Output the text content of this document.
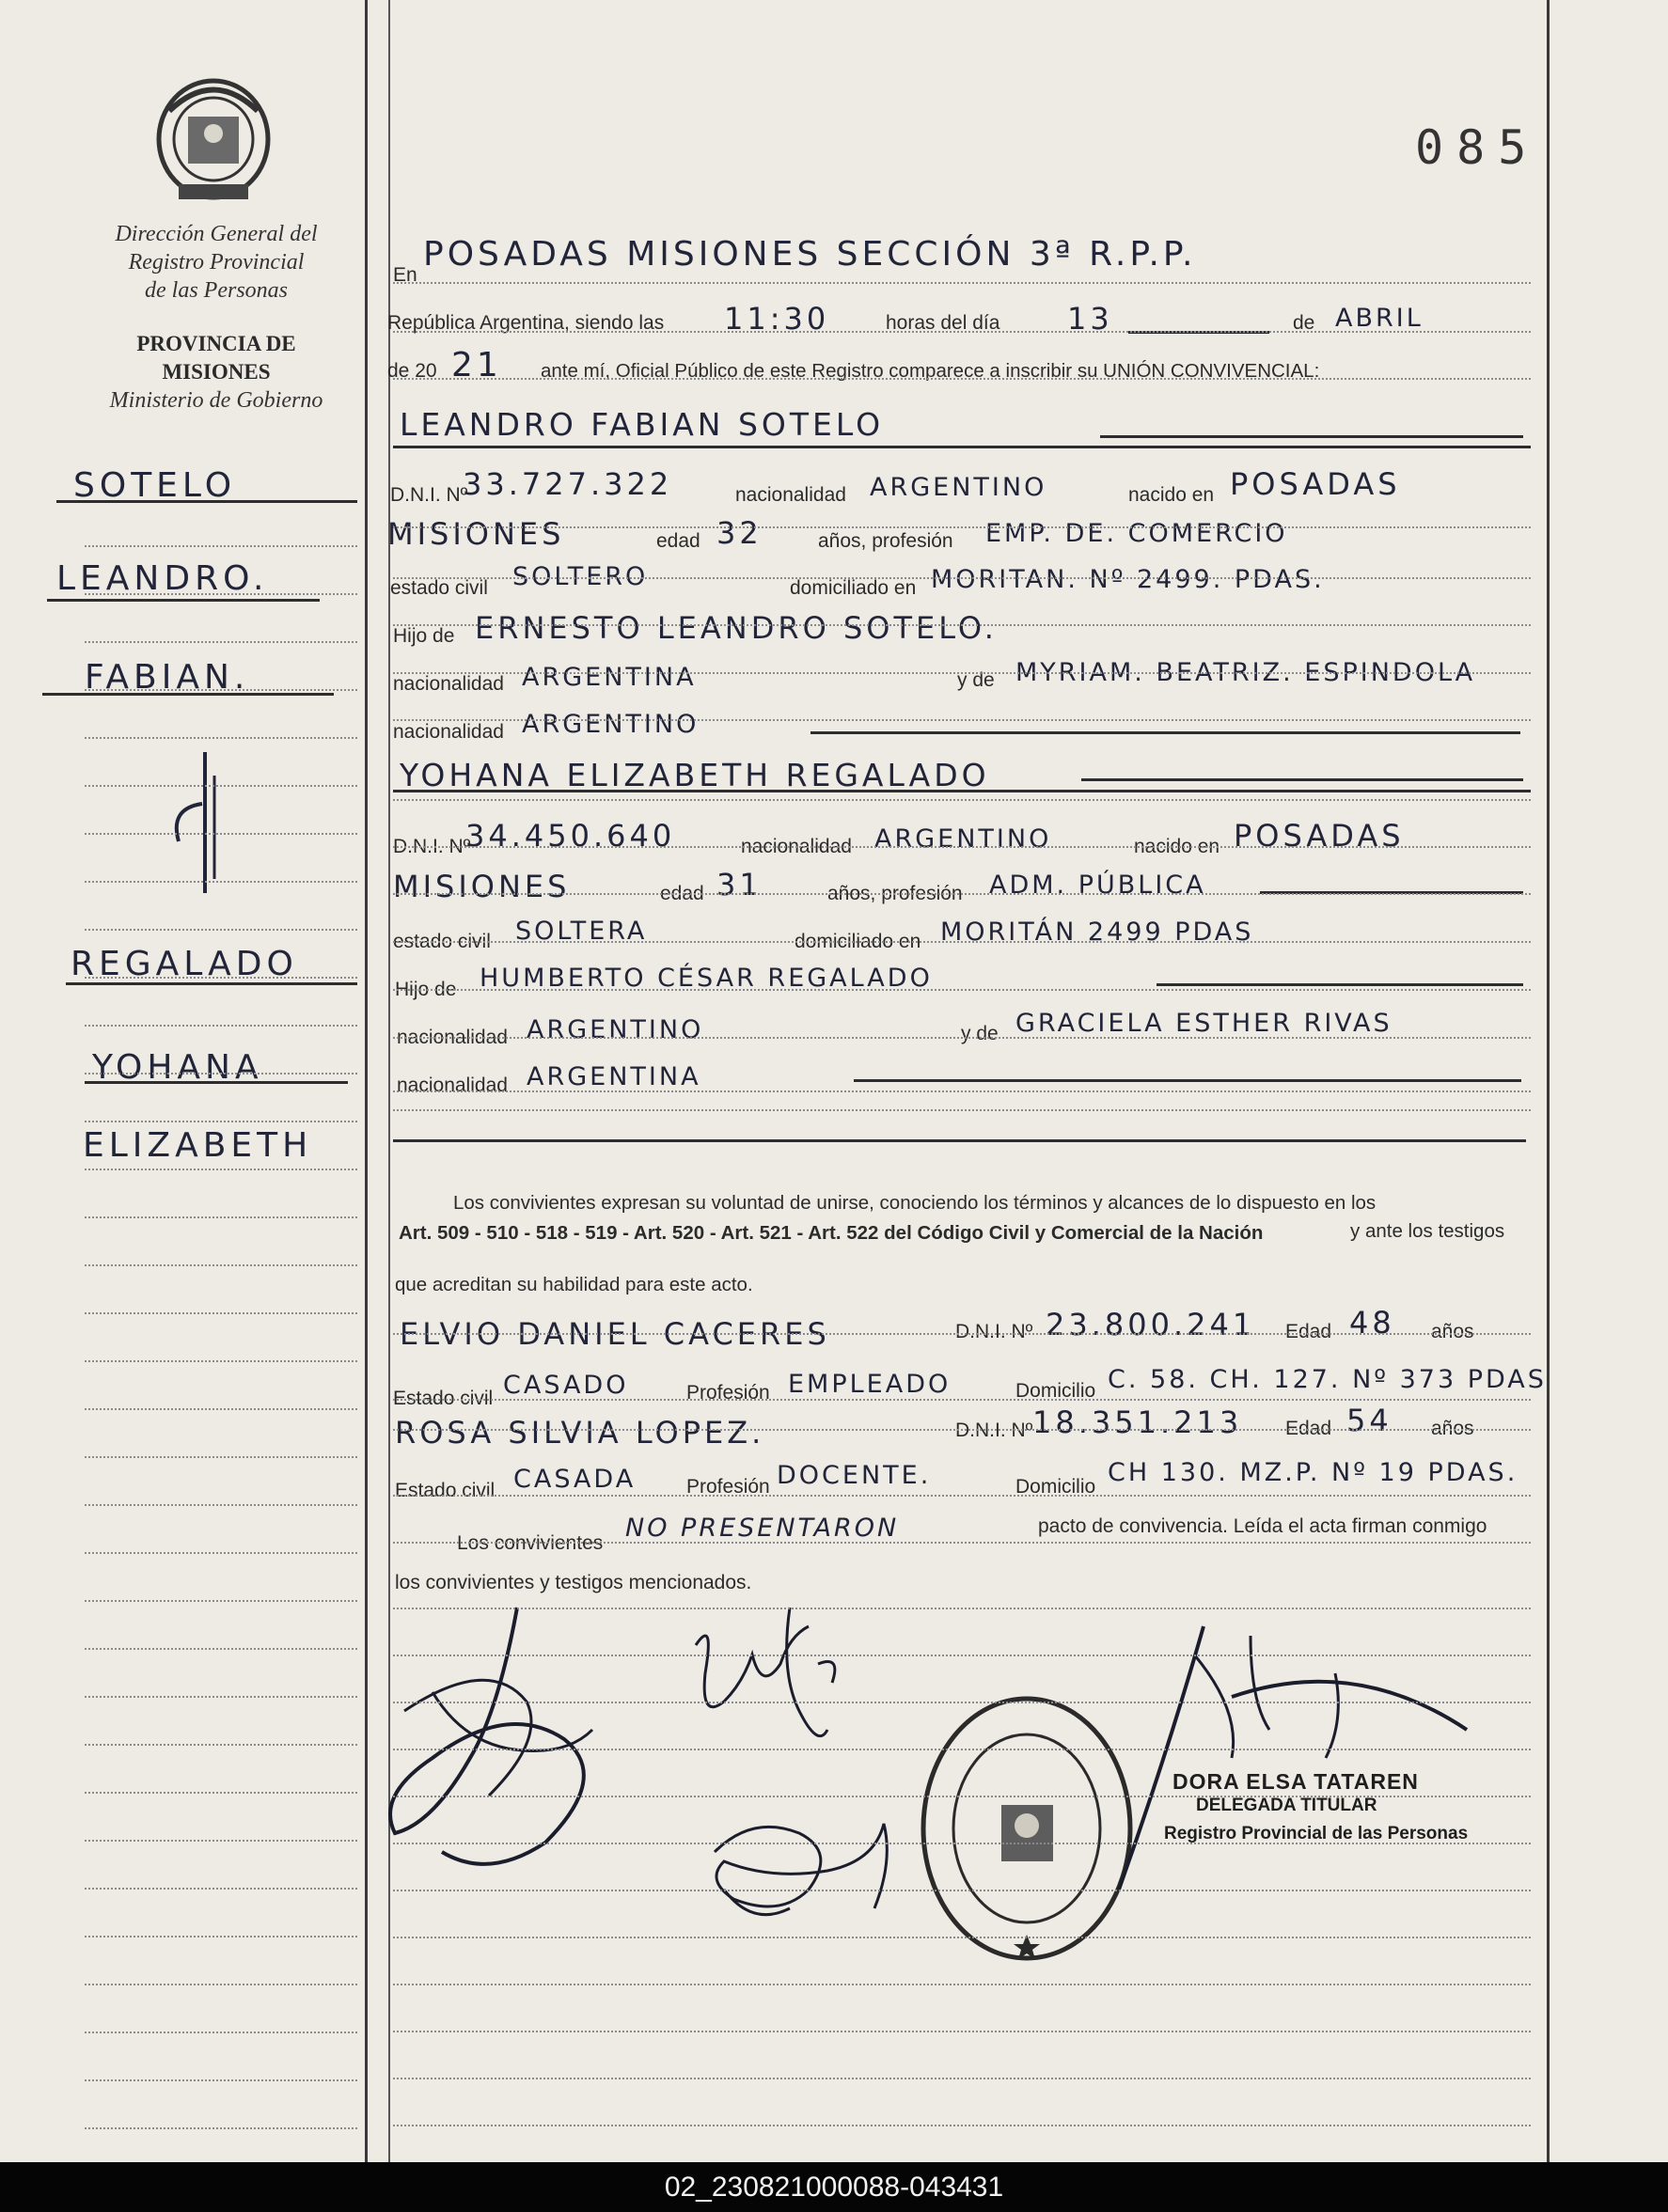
Dirección General del
Registro Provincial
de las Personas
PROVINCIA DE
MISIONES
Ministerio de Gobierno
085
SOTELO
LEANDRO.
FABIAN.
REGALADO
YOHANA
ELIZABETH
En
POSADAS MISIONES SECCIÓN 3ª R.P.P.
República Argentina, siendo las 11:30	horas del día 13	de ABRIL
de 20 21 ante mí, Oficial Público de este Registro comparece a inscribir su UNIÓN CONVIVENCIAL:
LEANDRO FABIAN SOTELO
D.N.I. Nº
33.727.322	nacionalidad ARGENTINO	nacido en POSADAS
MISIONES	edad 32	años, profesión EMP. DE. COMERCIO
estado civil SOLTERO	domiciliado en MORITAN. Nº 2499. PDAS.
Hijo de ERNESTO LEANDRO SOTELO.
nacionalidad ARGENTINA	y de MYRIAM. BEATRIZ. ESPINDOLA
nacionalidad ARGENTINO
YOHANA ELIZABETH REGALADO
D.N.I. Nº
34.450.640	nacionalidad ARGENTINO	nacido en POSADAS
MISIONES	edad 31	años, profesión ADM. PÚBLICA
estado civil SOLTERA	domiciliado en MORITÁN 2499 PDAS
Hijo de HUMBERTO CÉSAR REGALADO
nacionalidad ARGENTINO	y de GRACIELA ESTHER RIVAS
nacionalidad ARGENTINA
Los convivientes expresan su voluntad de unirse, conociendo los términos y alcances de lo dispuesto en los
Art. 509 - 510 - 518 - 519 - Art. 520 - Art. 521 - Art. 522 del Código Civil y Comercial de la Nación	y ante los testigos
que acreditan su habilidad para este acto.
ELVIO DANIEL CACERES	D.N.I. Nº 23.800.241 Edad 48 años
Estado civil CASADO	Profesión EMPLEADO	Domicilio C. 58. CH. 127. Nº 373 PDAS
ROSA SILVIA LOPEZ.	D.N.I. Nº 18.351.213 Edad 54 años
Estado civil CASADA	Profesión DOCENTE.	Domicilio CH 130. MZ.P. Nº 19 PDAS.
Los convivientes
NO PRESENTARON	pacto de convivencia. Leída el acta firman conmigo
los convivientes y testigos mencionados.
DORA ELSA TATAREN
DELEGADA TITULAR
Registro Provincial de las Personas
02_230821000088-043431
